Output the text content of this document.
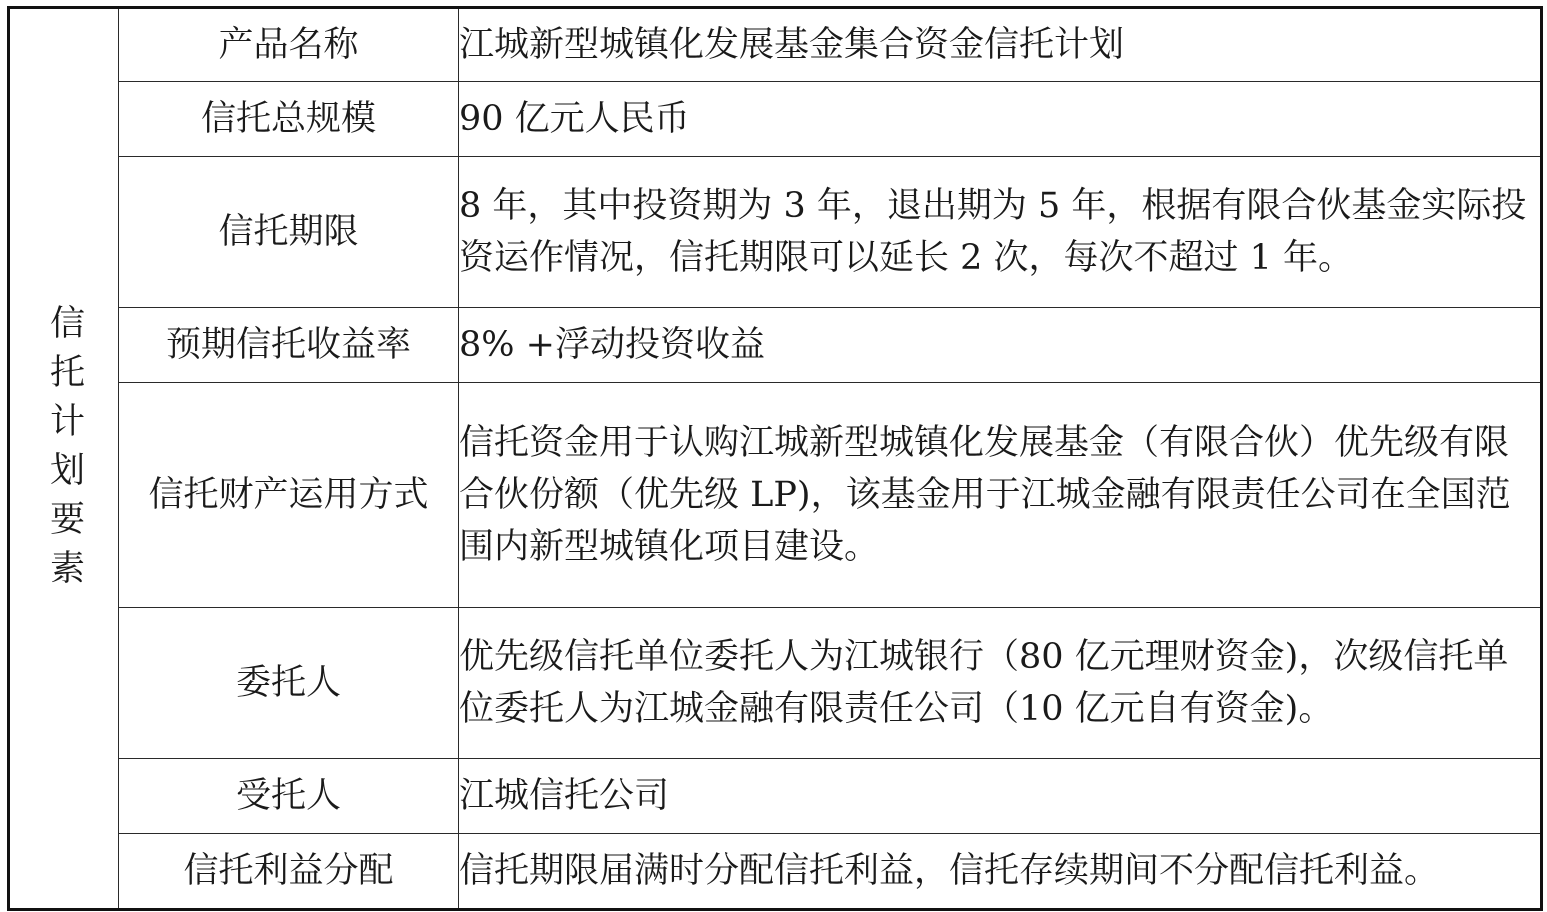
信托计划要素	产品名称	江城新型城镇化发展基金集合资金信托计划
	信托总规模	90 亿元人民币
	信托期限	8 年，其中投资期为 3 年，退出期为 5 年，根据有限合伙基金实际投资运作情况，信托期限可以延长 2 次，每次不超过 1 年。
	预期信托收益率	8% +浮动投资收益
	信托财产运用方式	信托资金用于认购江城新型城镇化发展基金（有限合伙）优先级有限合伙份额（优先级 LP)，该基金用于江城金融有限责任公司在全国范围内新型城镇化项目建设。
	委托人	优先级信托单位委托人为江城银行（80 亿元理财资金)，次级信托单位委托人为江城金融有限责任公司（10 亿元自有资金)。
	受托人	江城信托公司
	信托利益分配	信托期限届满时分配信托利益，信托存续期间不分配信托利益。
